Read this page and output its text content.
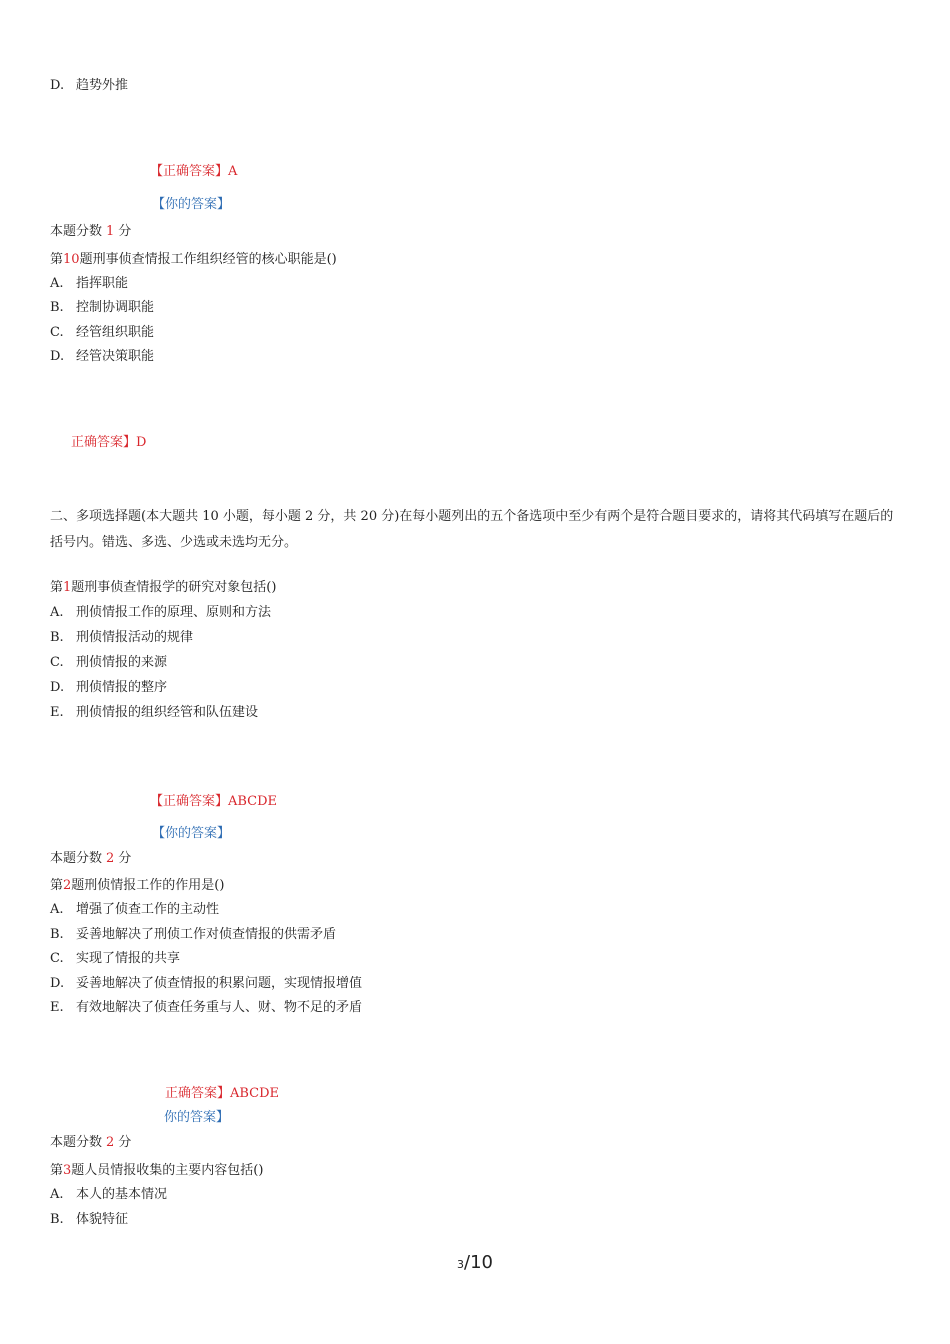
D. 趋势外推
【正确答案】A
【你的答案】
本题分数 1 分
第10题刑事侦查情报工作组织经管的核心职能是()
A. 指挥职能
B. 控制协调职能
C. 经管组织职能
D. 经管决策职能
正确答案】D
二、多项选择题(本大题共 10 小题，每小题 2 分，共 20 分)在每小题列出的五个备选项中至少有两个是符合题目要求的，请将其代码填写在题后的括号内。错选、多选、少选或未选均无分。
第1题刑事侦查情报学的研究对象包括()
A. 刑侦情报工作的原理、原则和方法
B. 刑侦情报活动的规律
C. 刑侦情报的来源
D. 刑侦情报的整序
E. 刑侦情报的组织经管和队伍建设
【正确答案】ABCDE
【你的答案】
本题分数 2 分
第2题刑侦情报工作的作用是()
A. 增强了侦查工作的主动性
B. 妥善地解决了刑侦工作对侦查情报的供需矛盾
C. 实现了情报的共享
D. 妥善地解决了侦查情报的积累问题，实现情报增值
E. 有效地解决了侦查任务重与人、财、物不足的矛盾
正确答案】ABCDE
你的答案】
本题分数 2 分
第3题人员情报收集的主要内容包括()
A. 本人的基本情况
B. 体貌特征
3/10
